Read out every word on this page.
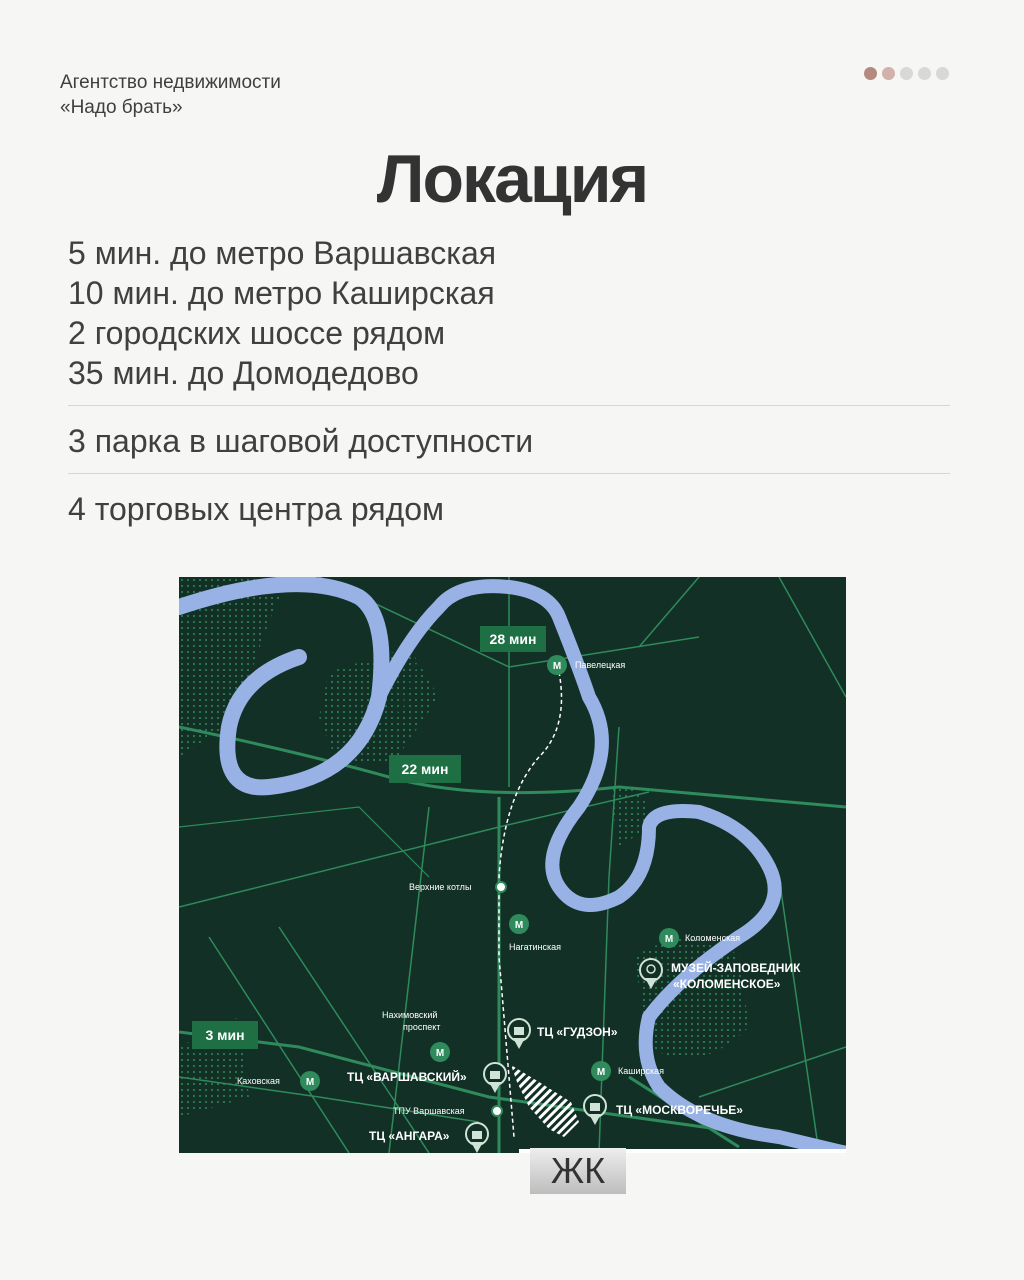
Агентство недвижимости
«Надо брать»
Локация
5 мин. до метро Варшавская
10 мин. до метро Каширская
2 городских шоссе рядом
35 мин. до Домодедово
3 парка в шаговой доступности
4 торговых центра рядом
РЕКА МОСКВА
РЕКА МОСКВА
28 мин
22 мин
3 мин
М Павелецкая
М
Нагатинская
М Коломенская
М
Нахимовский
проспект
М
Каховская
М Каширская
Верхние котлы
ТПУ Варшавская
МУЗЕЙ-ЗАПОВЕДНИК
«КОЛОМЕНСКОЕ»
ТЦ «ГУДЗОН»
ТЦ «ВАРШАВСКИЙ»
ТЦ «МОСКВОРЕЧЬЕ»
ТЦ «АНГАРА»
ЖК
